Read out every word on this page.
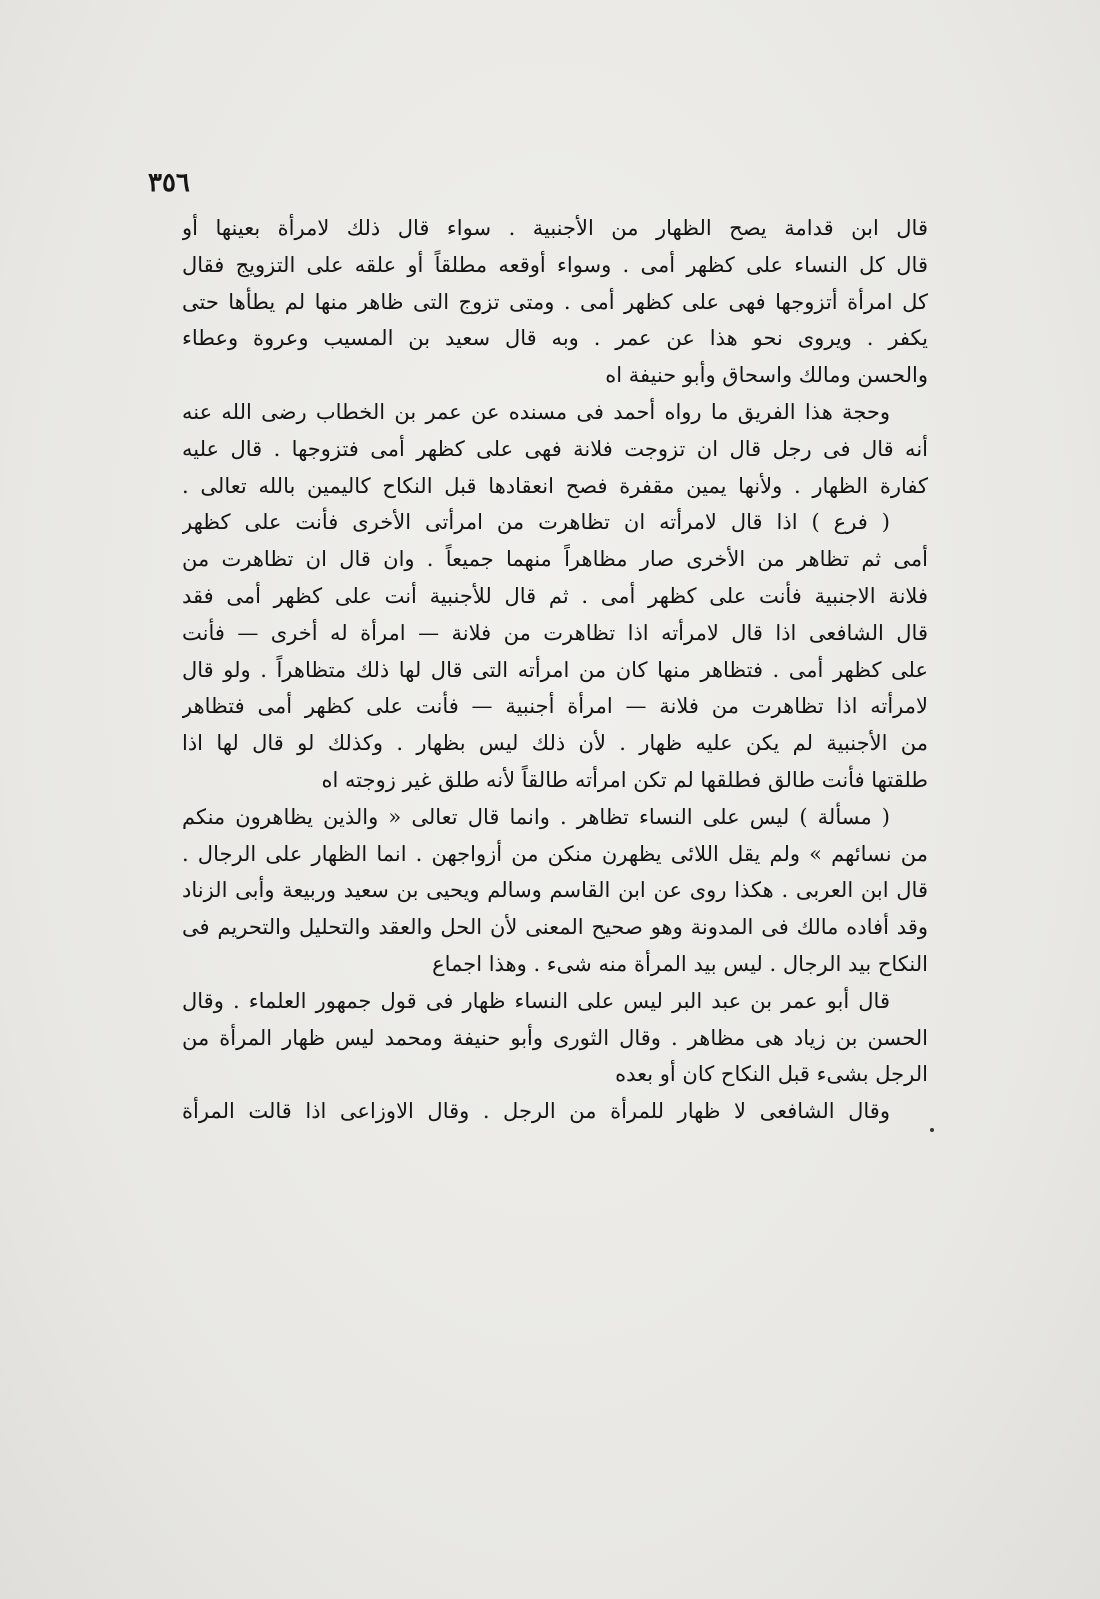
٣٥٦
قال ابن قدامة يصح الظهار من الأجنبية . سواء قال ذلك لامرأة بعينها أو
قال كل النساء على كظهر أمى . وسواء أوقعه مطلقاً أو علقه على التزويج فقال
كل امرأة أتزوجها فهى على كظهر أمى . ومتى تزوج التى ظاهر منها لم يطأها حتى
يكفر . ويروى نحو هذا عن عمر . وبه قال سعيد بن المسيب وعروة وعطاء
والحسن ومالك واسحاق وأبو حنيفة اه
وحجة هذا الفريق ما رواه أحمد فى مسنده عن عمر بن الخطاب رضى الله عنه
أنه قال فى رجل قال ان تزوجت فلانة فهى على كظهر أمى فتزوجها . قال عليه
كفارة الظهار . ولأنها يمين مقفرة فصح انعقادها قبل النكاح كاليمين بالله تعالى .
( فرع ) اذا قال لامرأته ان تظاهرت من امرأتى الأخرى فأنت على كظهر
أمى ثم تظاهر من الأخرى صار مظاهراً منهما جميعاً . وان قال ان تظاهرت من
فلانة الاجنبية فأنت على كظهر أمى . ثم قال للأجنبية أنت على كظهر أمى فقد
قال الشافعى اذا قال لامرأته اذا تظاهرت من فلانة — امرأة له أخرى — فأنت
على كظهر أمى . فتظاهر منها كان من امرأته التى قال لها ذلك متظاهراً . ولو قال
لامرأته اذا تظاهرت من فلانة — امرأة أجنبية — فأنت على كظهر أمى فتظاهر
من الأجنبية لم يكن عليه ظهار . لأن ذلك ليس بظهار . وكذلك لو قال لها اذا
طلقتها فأنت طالق فطلقها لم تكن امرأته طالقاً لأنه طلق غير زوجته اه
( مسألة ) ليس على النساء تظاهر . وانما قال تعالى « والذين يظاهرون منكم
من نسائهم » ولم يقل اللائى يظهرن منكن من أزواجهن . انما الظهار على الرجال .
قال ابن العربى . هكذا روى عن ابن القاسم وسالم ويحيى بن سعيد وربيعة وأبى الزناد
وقد أفاده مالك فى المدونة وهو صحيح المعنى لأن الحل والعقد والتحليل والتحريم فى
النكاح بيد الرجال . ليس بيد المرأة منه شىء . وهذا اجماع
قال أبو عمر بن عبد البر ليس على النساء ظهار فى قول جمهور العلماء . وقال
الحسن بن زياد هى مظاهر . وقال الثورى وأبو حنيفة ومحمد ليس ظهار المرأة من
الرجل بشىء قبل النكاح كان أو بعده
وقال الشافعى لا ظهار للمرأة من الرجل . وقال الاوزاعى اذا قالت المرأة
